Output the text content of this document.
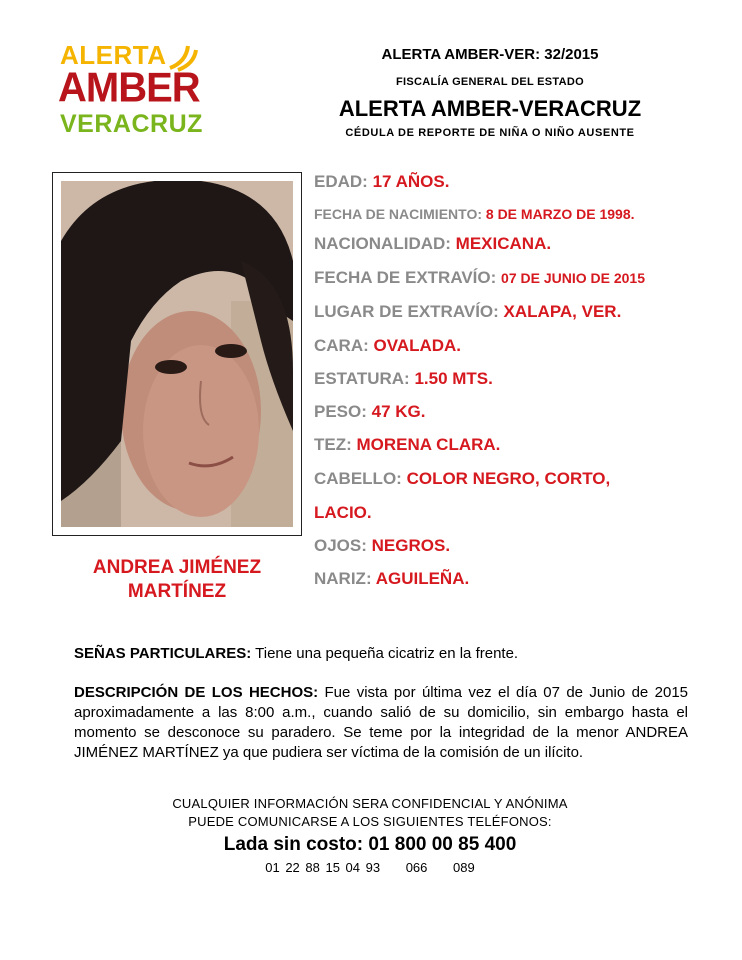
ALERTA
AMBER
VERACRUZ
ALERTA AMBER-VER: 32/2015
FISCALÍA GENERAL DEL ESTADO
ALERTA AMBER-VERACRUZ
CÉDULA DE REPORTE DE NIÑA O NIÑO AUSENTE
ANDREA JIMÉNEZ
MARTÍNEZ
EDAD: 17 AÑOS.
FECHA DE NACIMIENTO: 8 DE MARZO DE 1998.
NACIONALIDAD: MEXICANA.
FECHA DE EXTRAVÍO: 07 DE JUNIO DE 2015
LUGAR DE EXTRAVÍO: XALAPA, VER.
CARA: OVALADA.
ESTATURA: 1.50 MTS.
PESO: 47 KG.
TEZ: MORENA CLARA.
CABELLO: COLOR NEGRO, CORTO,
LACIO.
OJOS: NEGROS.
NARIZ: AGUILEÑA.
SEÑAS PARTICULARES: Tiene una pequeña cicatriz en la frente.
DESCRIPCIÓN DE LOS HECHOS: Fue vista por última vez el día 07 de Junio de 2015 aproximadamente a las 8:00 a.m., cuando salió de su domicilio, sin embargo hasta el momento se desconoce su paradero. Se teme por la integridad de la menor ANDREA JIMÉNEZ MARTÍNEZ ya que pudiera ser víctima de la comisión de un ilícito.
CUALQUIER INFORMACIÓN SERA CONFIDENCIAL Y ANÓNIMA
PUEDE COMUNICARSE A LOS SIGUIENTES TELÉFONOS:
Lada sin costo: 01 800 00 85 400
01 22 88 15 04 93 066 089
